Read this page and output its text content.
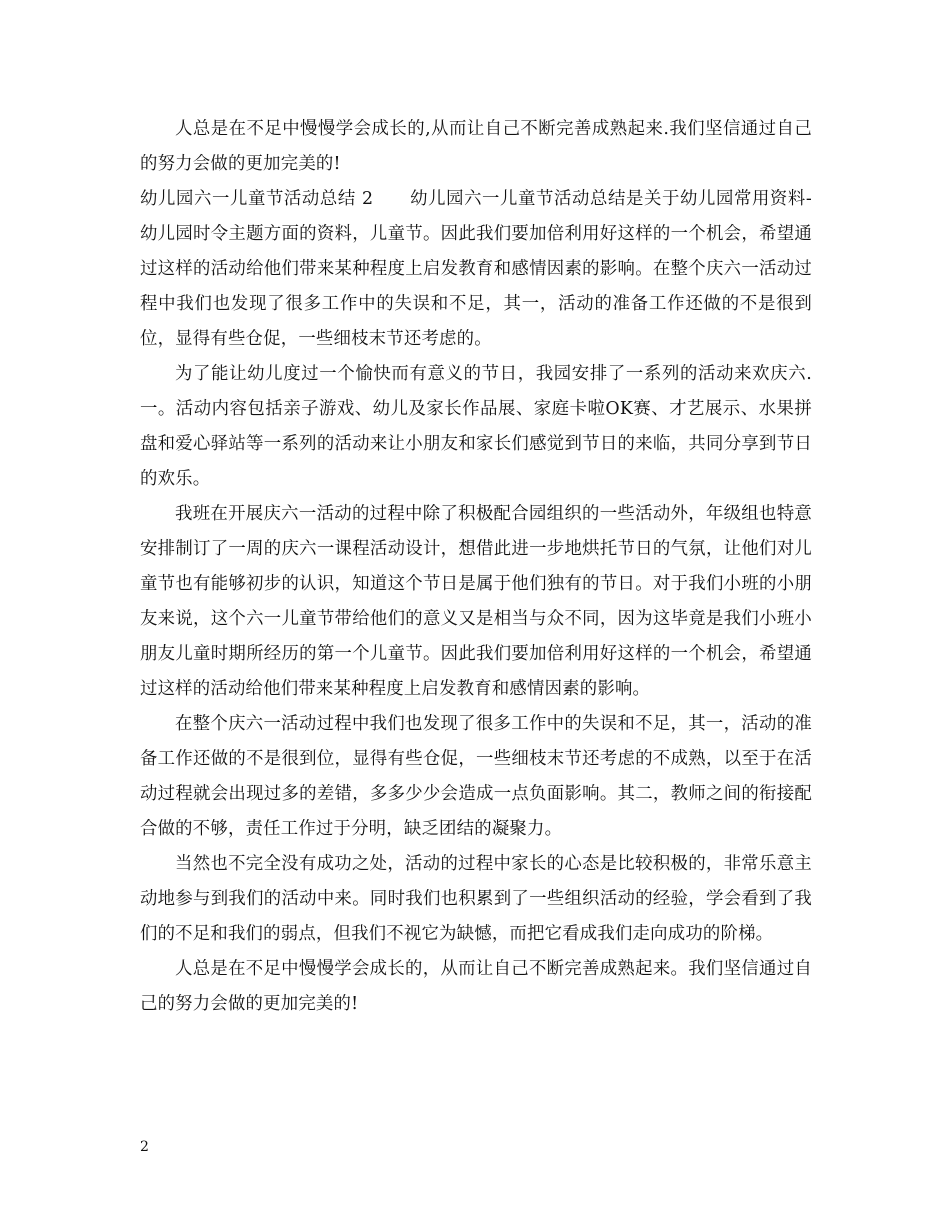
人总是在不足中慢慢学会成长的,从而让自己不断完善成熟起来.我们坚信通过自己的努力会做的更加完美的!

幼儿园六一儿童节活动总结 2 幼儿园六一儿童节活动总结是关于幼儿园常用资料-幼儿园时令主题方面的资料，儿童节。因此我们要加倍利用好这样的一个机会，希望通过这样的活动给他们带来某种程度上启发教育和感情因素的影响。在整个庆六一活动过程中我们也发现了很多工作中的失误和不足，其一，活动的准备工作还做的不是很到位，显得有些仓促，一些细枝末节还考虑的。

为了能让幼儿度过一个愉快而有意义的节日，我园安排了一系列的活动来欢庆六.一。活动内容包括亲子游戏、幼儿及家长作品展、家庭卡啦OK赛、才艺展示、水果拼盘和爱心驿站等一系列的活动来让小朋友和家长们感觉到节日的来临，共同分享到节日的欢乐。

我班在开展庆六一活动的过程中除了积极配合园组织的一些活动外，年级组也特意安排制订了一周的庆六一课程活动设计，想借此进一步地烘托节日的气氛，让他们对儿童节也有能够初步的认识，知道这个节日是属于他们独有的节日。对于我们小班的小朋友来说，这个六一儿童节带给他们的意义又是相当与众不同，因为这毕竟是我们小班小朋友儿童时期所经历的第一个儿童节。因此我们要加倍利用好这样的一个机会，希望通过这样的活动给他们带来某种程度上启发教育和感情因素的影响。

在整个庆六一活动过程中我们也发现了很多工作中的失误和不足，其一，活动的准备工作还做的不是很到位，显得有些仓促，一些细枝末节还考虑的不成熟，以至于在活动过程就会出现过多的差错，多多少少会造成一点负面影响。其二，教师之间的衔接配合做的不够，责任工作过于分明，缺乏团结的凝聚力。

当然也不完全没有成功之处，活动的过程中家长的心态是比较积极的，非常乐意主动地参与到我们的活动中来。同时我们也积累到了一些组织活动的经验，学会看到了我们的不足和我们的弱点，但我们不视它为缺憾，而把它看成我们走向成功的阶梯。

人总是在不足中慢慢学会成长的，从而让自己不断完善成熟起来。我们坚信通过自己的努力会做的更加完美的!

2
